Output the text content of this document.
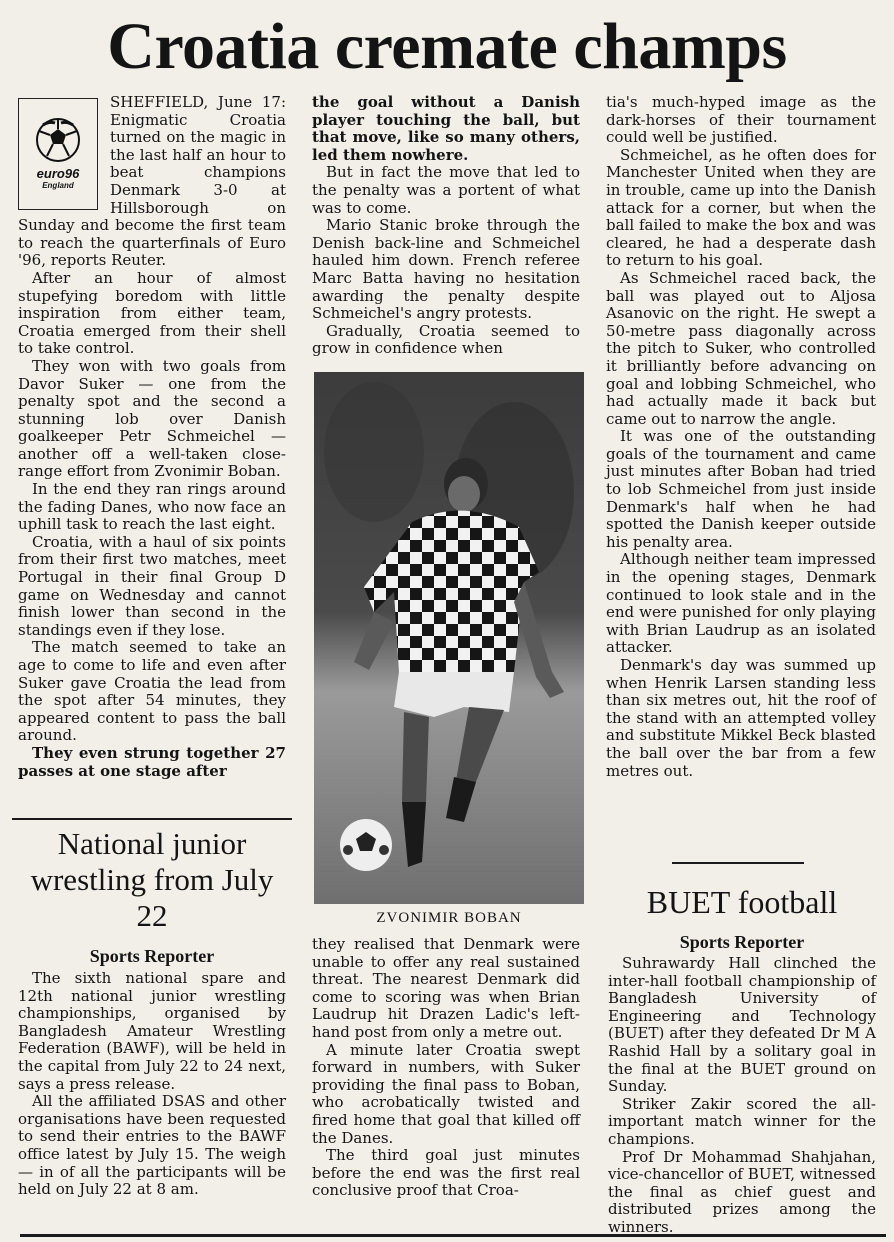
Croatia cremate champs
euro96
England

SHEFFIELD, June 17: Enigmatic Croatia turned on the magic in the last half an hour to beat champions Denmark 3-0 at Hillsborough on Sunday and become the first team to reach the quarterfinals of Euro '96, reports Reuter.

After an hour of almost stupefying boredom with little inspiration from either team, Croatia emerged from their shell to take control.

They won with two goals from Davor Suker — one from the penalty spot and the second a stunning lob over Danish goalkeeper Petr Schmeichel — another off a well-taken close-range effort from Zvonimir Boban.

In the end they ran rings around the fading Danes, who now face an uphill task to reach the last eight.

Croatia, with a haul of six points from their first two matches, meet Portugal in their final Group D game on Wednesday and cannot finish lower than second in the standings even if they lose.

The match seemed to take an age to come to life and even after Suker gave Croatia the lead from the spot after 54 minutes, they appeared content to pass the ball around.

They even strung together 27 passes at one stage after

the goal without a Danish player touching the ball, but that move, like so many others, led them nowhere.

But in fact the move that led to the penalty was a portent of what was to come.

Mario Stanic broke through the Denish back-line and Schmeichel hauled him down. French referee Marc Batta having no hesitation awarding the penalty despite Schmeichel's angry protests.

Gradually, Croatia seemed to grow in confidence when

ZVONIMIR BOBAN

they realised that Denmark were unable to offer any real sustained threat. The nearest Denmark did come to scoring was when Brian Laudrup hit Drazen Ladic's left-hand post from only a metre out.

A minute later Croatia swept forward in numbers, with Suker providing the final pass to Boban, who acrobatically twisted and fired home that goal that killed off the Danes.

The third goal just minutes before the end was the first real conclusive proof that Croa-

tia's much-hyped image as the dark-horses of their tournament could well be justified.

Schmeichel, as he often does for Manchester United when they are in trouble, came up into the Danish attack for a corner, but when the ball failed to make the box and was cleared, he had a desperate dash to return to his goal.

As Schmeichel raced back, the ball was played out to Aljosa Asanovic on the right. He swept a 50-metre pass diagonally across the pitch to Suker, who controlled it brilliantly before advancing on goal and lobbing Schmeichel, who had actually made it back but came out to narrow the angle.

It was one of the outstanding goals of the tournament and came just minutes after Boban had tried to lob Schmeichel from just inside Denmark's half when he had spotted the Danish keeper outside his penalty area.

Although neither team impressed in the opening stages, Denmark continued to look stale and in the end were punished for only playing with Brian Laudrup as an isolated attacker.

Denmark's day was summed up when Henrik Larsen standing less than six metres out, hit the roof of the stand with an attempted volley and substitute Mikkel Beck blasted the ball over the bar from a few metres out.

National junior wrestling from July 22
Sports Reporter

The sixth national spare and 12th national junior wrestling championships, organised by Bangladesh Amateur Wrestling Federation (BAWF), will be held in the capital from July 22 to 24 next, says a press release.

All the affiliated DSAS and other organisations have been requested to send their entries to the BAWF office latest by July 15. The weigh — in of all the participants will be held on July 22 at 8 am.

BUET football
Sports Reporter

Suhrawardy Hall clinched the inter-hall football championship of Bangladesh University of Engineering and Technology (BUET) after they defeated Dr M A Rashid Hall by a solitary goal in the final at the BUET ground on Sunday.

Striker Zakir scored the all-important match winner for the champions.

Prof Dr Mohammad Shahjahan, vice-chancellor of BUET, witnessed the final as chief guest and distributed prizes among the winners.
